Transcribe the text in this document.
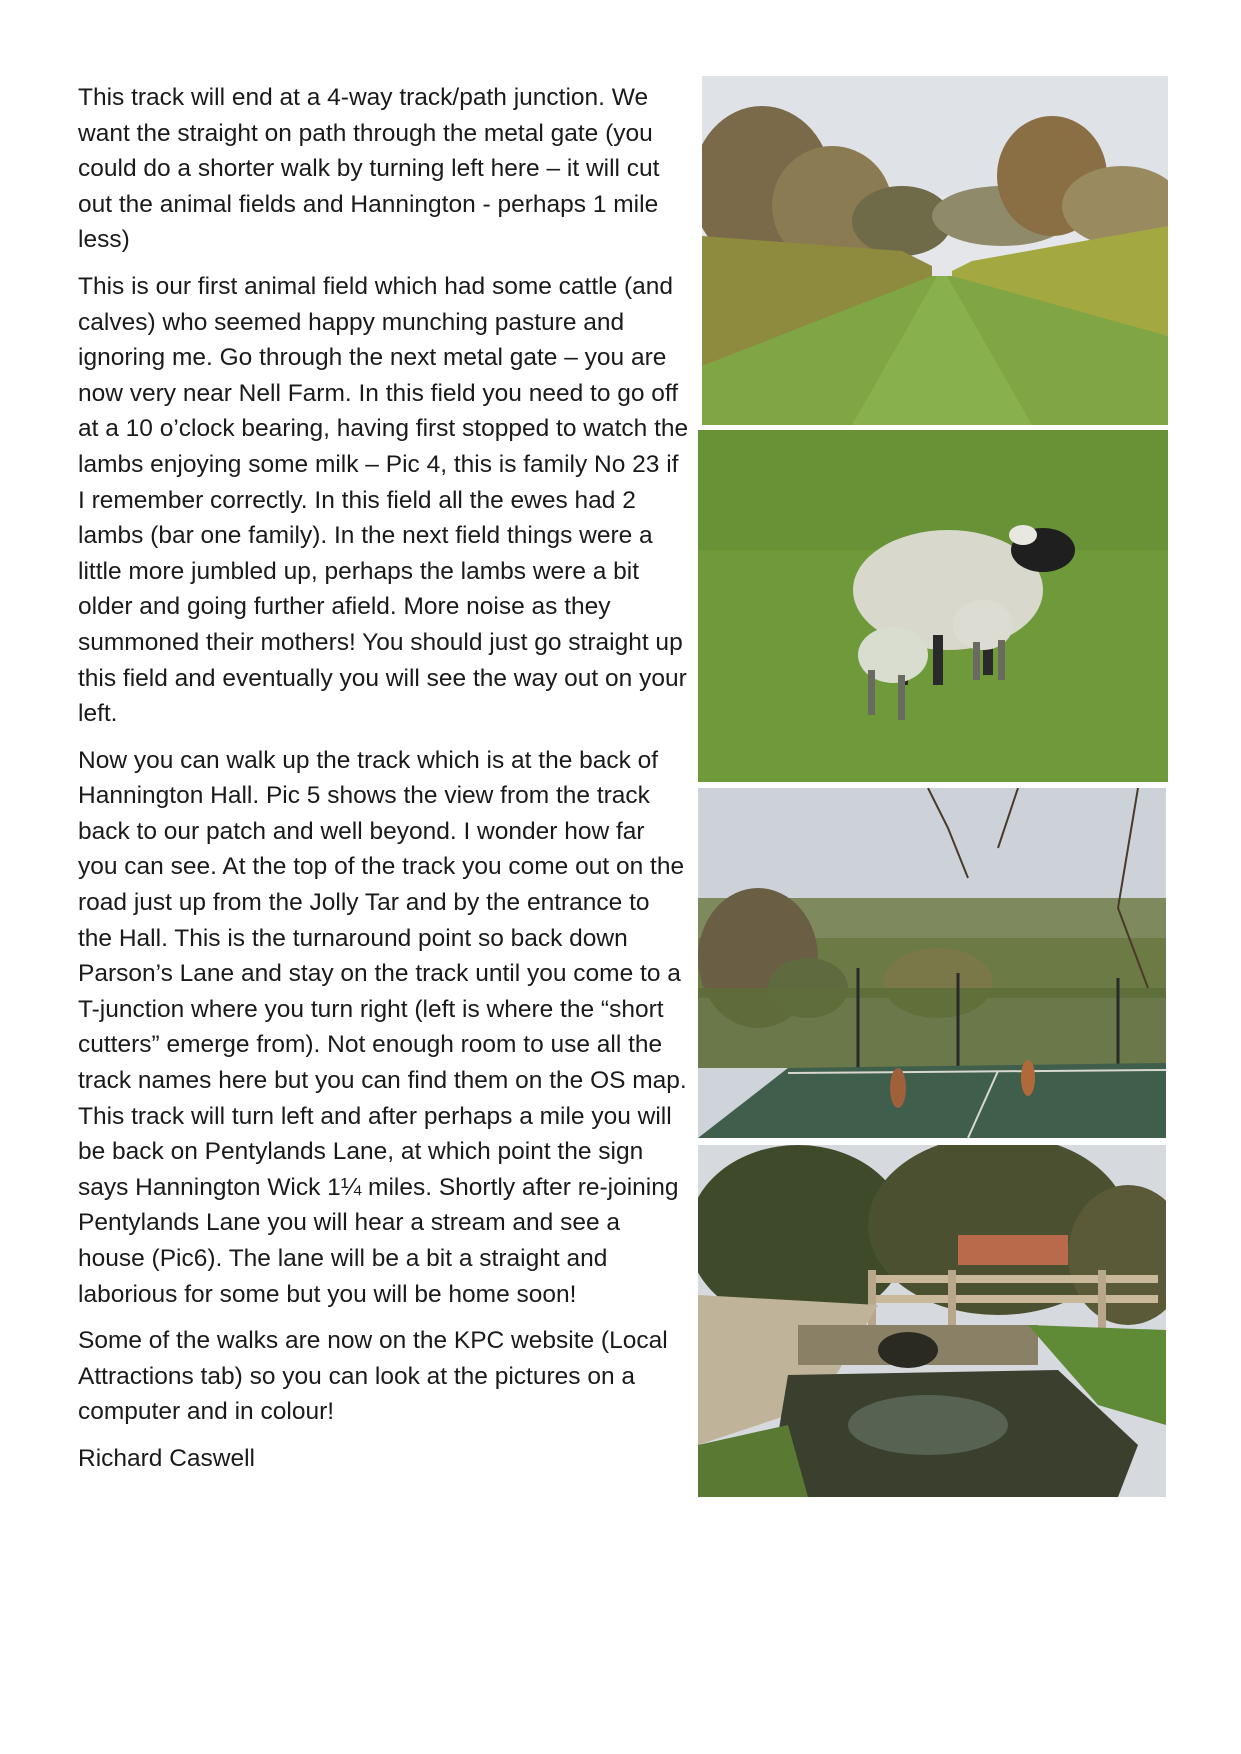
This track will end at a 4-way track/path junction. We want the straight on path through the metal gate (you could do a shorter walk by turning left here – it will cut out the animal fields and Hannington - perhaps 1 mile less)

This is our first animal field which had some cattle (and calves) who seemed happy munching pasture and ignoring me. Go through the next metal gate – you are now very near Nell Farm. In this field you need to go off at a 10 o’clock bearing, having first stopped to watch the lambs enjoying some milk – Pic 4, this is family No 23 if I remember correctly. In this field all the ewes had 2 lambs (bar one family). In the next field things were a little more jumbled up, perhaps the lambs were a bit older and going further afield. More noise as they summoned their mothers! You should just go straight up this field and eventually you will see the way out on your left.

Now you can walk up the track which is at the back of Hannington Hall. Pic 5 shows the view from the track back to our patch and well beyond. I wonder how far you can see. At the top of the track you come out on the road just up from the Jolly Tar and by the entrance to the Hall. This is the turnaround point so back down Parson’s Lane and stay on the track until you come to a T-junction where you turn right (left is where the “short cutters” emerge from). Not enough room to use all the track names here but you can find them on the OS map. This track will turn left and after perhaps a mile you will be back on Pentylands Lane, at which point the sign says Hannington Wick 1¼ miles. Shortly after re-joining Pentylands Lane you will hear a stream and see a house (Pic6). The lane will be a bit a straight and laborious for some but you will be home soon!

Some of the walks are now on the KPC website (Local Attractions tab) so you can look at the pictures on a computer and in colour!

Richard Caswell
